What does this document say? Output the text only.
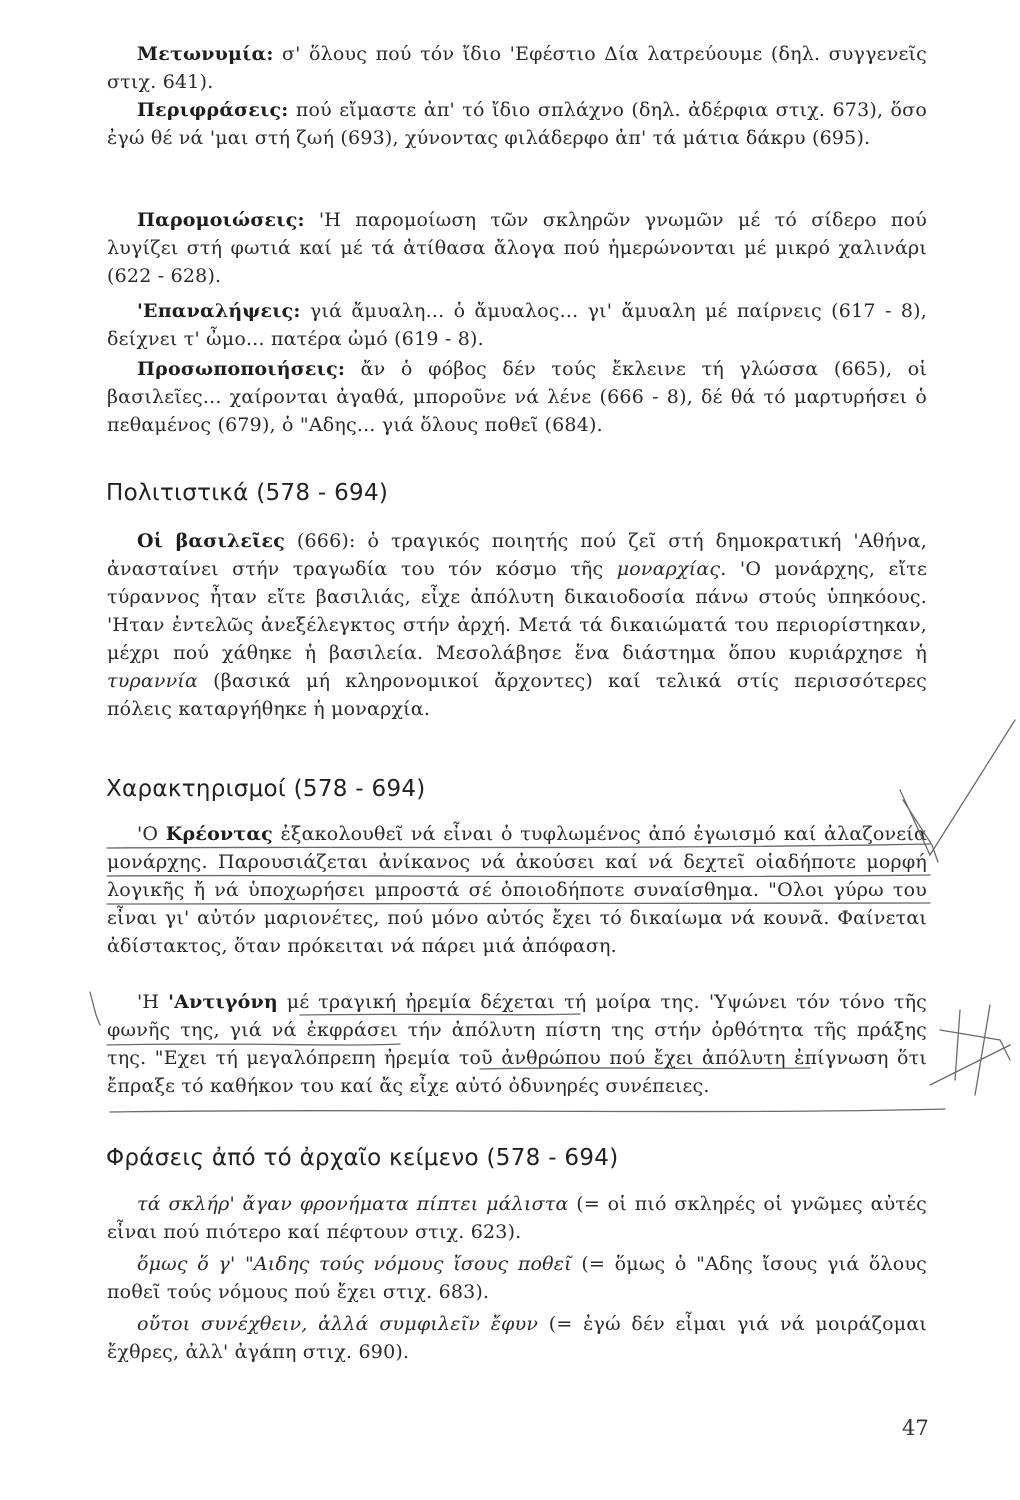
Μετωνυμία: σ' ὅλους πού τόν ἴδιο 'Εφέστιο Δία λατρεύουμε (δηλ. συγγενεῖς στιχ. 641).

Περιφράσεις: πού εἴμαστε ἀπ' τό ἴδιο σπλάχνο (δηλ. ἀδέρφια στιχ. 673), ὅσο ἐγώ θέ νά 'μαι στή ζωή (693), χύνοντας φιλάδερφο ἀπ' τά μάτια δάκρυ (695).

Παρομοιώσεις: 'Η παρομοίωση τῶν σκληρῶν γνωμῶν μέ τό σίδερο πού λυγίζει στή φωτιά καί μέ τά ἀτίθασα ἄλογα πού ἡμερώνονται μέ μικρό χαλινάρι (622 - 628).

'Επαναλήψεις: γιά ἄμυαλη... ὁ ἄμυαλος... γι' ἄμυαλη μέ παίρνεις (617 - 8), δείχνει τ' ὦμο... πατέρα ὠμό (619 - 8).

Προσωποποιήσεις: ἄν ὁ φόβος δέν τούς ἔκλεινε τή γλώσσα (665), οἱ βασιλεῖες... χαίρονται ἀγαθά, μποροῦνε νά λένε (666 - 8), δέ θά τό μαρτυρήσει ὁ πεθαμένος (679), ὁ "Αδης... γιά ὅλους ποθεῖ (684).

Πολιτιστικά (578 - 694)

Οἱ βασιλεῖες (666): ὁ τραγικός ποιητής πού ζεῖ στή δημοκρατική 'Αθήνα, ἀνασταίνει στήν τραγωδία του τόν κόσμο τῆς μοναρχίας. 'Ο μονάρχης, εἴτε τύραννος ἦταν εἴτε βασιλιάς, εἶχε ἀπόλυτη δικαιοδοσία πάνω στούς ὑπηκόους. 'Ηταν ἐντελῶς ἀνεξέλεγκτος στήν ἀρχή. Μετά τά δικαιώματά του περιορίστηκαν, μέχρι πού χάθηκε ἡ βασιλεία. Μεσολάβησε ἕνα διάστημα ὅπου κυριάρχησε ἡ τυραννία (βασικά μή κληρονομικοί ἄρχοντες) καί τελικά στίς περισσότερες πόλεις καταργήθηκε ἡ μοναρχία.

Χαρακτηρισμοί (578 - 694)

'Ο Κρέοντας ἐξακολουθεῖ νά εἶναι ὁ τυφλωμένος ἀπό ἐγωισμό καί ἀλαζονεία μονάρχης. Παρουσιάζεται ἀνίκανος νά ἀκούσει καί νά δεχτεῖ οἱαδήποτε μορφή λογικῆς ἤ νά ὑποχωρήσει μπροστά σέ ὁποιοδήποτε συναίσθημα. "Ολοι γύρω του εἶναι γι' αὐτόν μαριονέτες, πού μόνο αὐτός ἔχει τό δικαίωμα νά κουνᾶ. Φαίνεται ἀδίστακτος, ὅταν πρόκειται νά πάρει μιά ἀπόφαση.

'Η 'Αντιγόνη μέ τραγική ἠρεμία δέχεται τή μοίρα της. 'Υψώνει τόν τόνο τῆς φωνῆς της, γιά νά ἐκφράσει τήν ἀπόλυτη πίστη της στήν ὀρθότητα τῆς πράξης της. "Εχει τή μεγαλόπρεπη ἠρεμία τοῦ ἀνθρώπου πού ἔχει ἀπόλυτη ἐπίγνωση ὅτι ἔπραξε τό καθήκον του καί ἄς εἶχε αὐτό ὀδυνηρές συνέπειες.

Φράσεις ἀπό τό ἀρχαῖο κείμενο (578 - 694)

τά σκλήρ' ἄγαν φρονήματα πίπτει μάλιστα (= οἱ πιό σκληρές οἱ γνῶμες αὐτές εἶναι πού πιότερο καί πέφτουν στιχ. 623).

ὅμως ὅ γ' "Αιδης τούς νόμους ἴσους ποθεῖ (= ὅμως ὁ "Αδης ἴσους γιά ὅλους ποθεῖ τούς νόμους πού ἔχει στιχ. 683).

οὔτοι συνέχθειν, ἀλλά συμφιλεῖν ἔφυν (= ἐγώ δέν εἶμαι γιά νά μοιράζομαι ἔχθρες, ἀλλ' ἀγάπη στιχ. 690).

47
